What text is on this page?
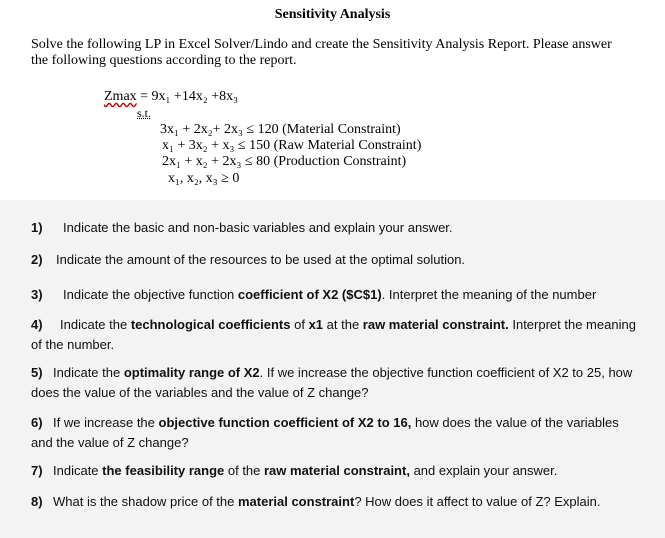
Sensitivity Analysis
Solve the following LP in Excel Solver/Lindo and create the Sensitivity Analysis Report. Please answer the following questions according to the report.
Zmax = 9x₁ +14x₂ +8x₃
s.t.
3x₁ + 2x₂+ 2x₃ ≤ 120 (Material Constraint)
x₁ + 3x₂ + x₃ ≤ 150 (Raw Material Constraint)
2x₁ + x₂ + 2x₃ ≤ 80 (Production Constraint)
x₁, x₂, x₃ ≥ 0
1) Indicate the basic and non-basic variables and explain your answer.
2) Indicate the amount of the resources to be used at the optimal solution.
3) Indicate the objective function coefficient of X2 ($C$1). Interpret the meaning of the number
4) Indicate the technological coefficients of x1 at the raw material constraint. Interpret the meaning of the number.
5) Indicate the optimality range of X2. If we increase the objective function coefficient of X2 to 25, how does the value of the variables and the value of Z change?
6) If we increase the objective function coefficient of X2 to 16, how does the value of the variables and the value of Z change?
7) Indicate the feasibility range of the raw material constraint, and explain your answer.
8) What is the shadow price of the material constraint? How does it affect to value of Z? Explain.
